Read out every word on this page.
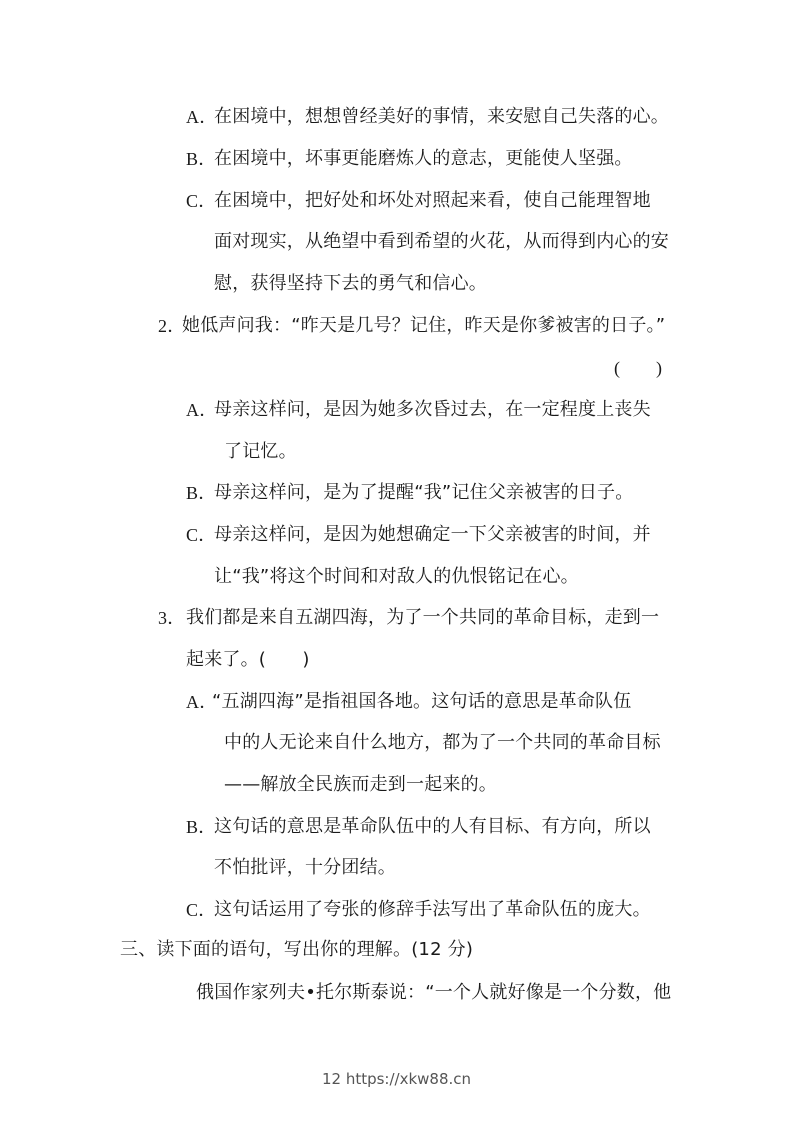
A．
在困境中，想想曾经美好的事情，来安慰自己失落的心。
B．
在困境中，坏事更能磨炼人的意志，更能使人坚强。
C．
在困境中，把好处和坏处对照起来看，使自己能理智地
面对现实，从绝望中看到希望的火花，从而得到内心的安
慰，获得坚持下去的勇气和信心。
2．
她低声问我：“昨天是几号？记住，昨天是你爹被害的日子。”
(　　)
A．
母亲这样问，是因为她多次昏过去，在一定程度上丧失
了记忆。
B．
母亲这样问，是为了提醒“我”记住父亲被害的日子。
C．
母亲这样问，是因为她想确定一下父亲被害的时间，并
让“我”将这个时间和对敌人的仇恨铭记在心。
3． 我们都是来自五湖四海，为了一个共同的革命目标，走到一
起来了。(　　)
A．
“五湖四海”是指祖国各地。这句话的意思是革命队伍
中的人无论来自什么地方，都为了一个共同的革命目标
——解放全民族而走到一起来的。
B．
这句话的意思是革命队伍中的人有目标、有方向，所以
不怕批评，十分团结。
C．
这句话运用了夸张的修辞手法写出了革命队伍的庞大。
三、读下面的语句，写出你的理解。(12 分)
俄国作家列夫•托尔斯泰说：“一个人就好像是一个分数，他
12 https://xkw88.cn
